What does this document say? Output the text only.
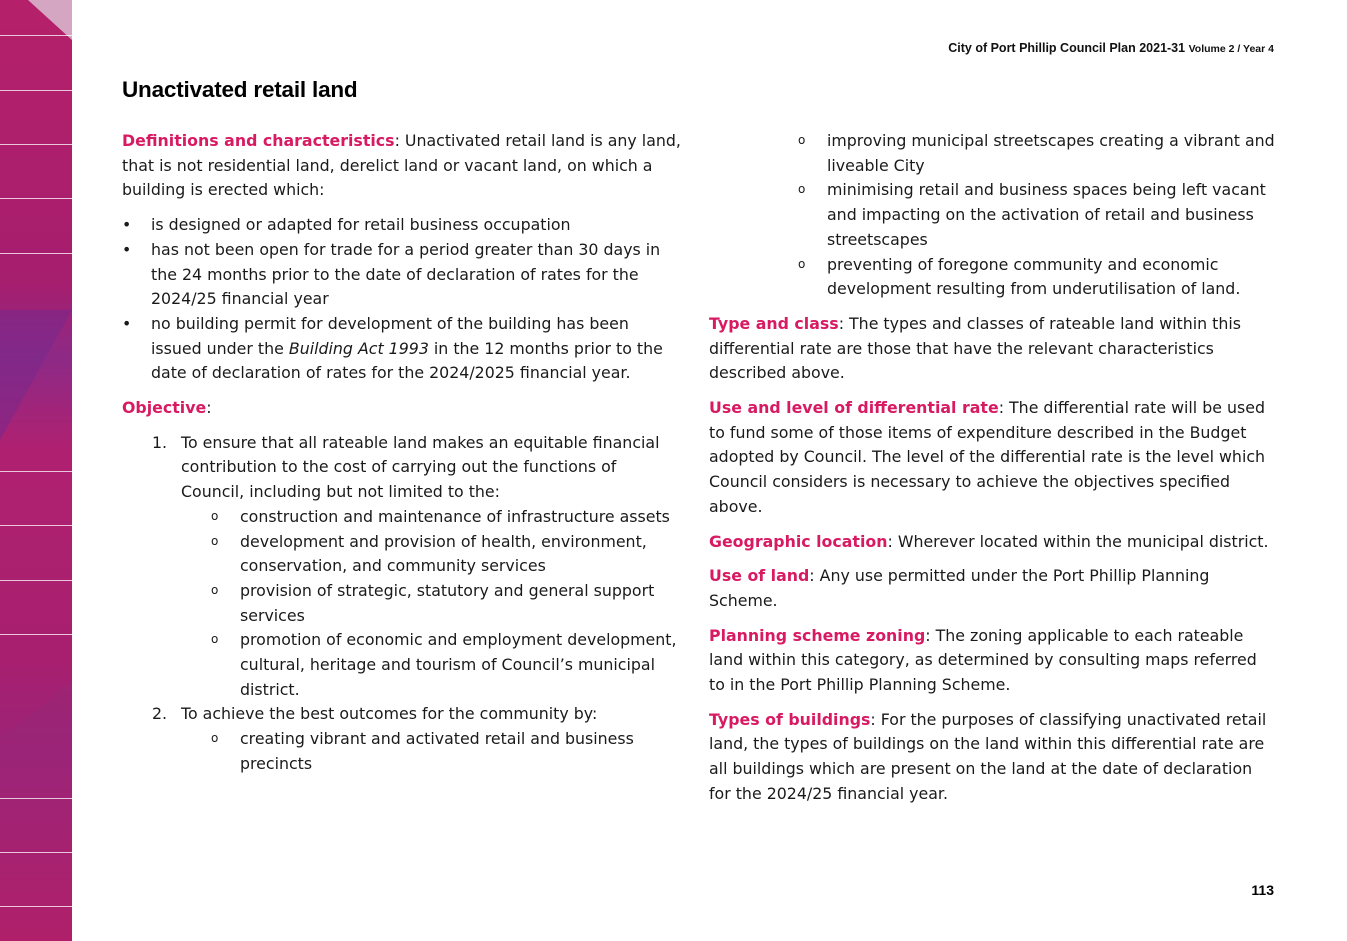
City of Port Phillip Council Plan 2021-31 Volume 2 / Year 4
Unactivated retail land

Definitions and characteristics: Unactivated retail land is any land, that is not residential land, derelict land or vacant land, on which a building is erected which:

• is designed or adapted for retail business occupation
• has not been open for trade for a period greater than 30 days in the 24 months prior to the date of declaration of rates for the 2024/25 financial year
• no building permit for development of the building has been issued under the Building Act 1993 in the 12 months prior to the date of declaration of rates for the 2024/2025 financial year.

Objective:

1. To ensure that all rateable land makes an equitable financial contribution to the cost of carrying out the functions of Council, including but not limited to the:
o construction and maintenance of infrastructure assets
o development and provision of health, environment, conservation, and community services
o provision of strategic, statutory and general support services
o promotion of economic and employment development, cultural, heritage and tourism of Council’s municipal district.
2. To achieve the best outcomes for the community by:
o creating vibrant and activated retail and business precincts
o improving municipal streetscapes creating a vibrant and liveable City
o minimising retail and business spaces being left vacant and impacting on the activation of retail and business streetscapes
o preventing of foregone community and economic development resulting from underutilisation of land.

Type and class: The types and classes of rateable land within this differential rate are those that have the relevant characteristics described above.

Use and level of differential rate: The differential rate will be used to fund some of those items of expenditure described in the Budget adopted by Council. The level of the differential rate is the level which Council considers is necessary to achieve the objectives specified above.

Geographic location: Wherever located within the municipal district.

Use of land: Any use permitted under the Port Phillip Planning Scheme.

Planning scheme zoning: The zoning applicable to each rateable land within this category, as determined by consulting maps referred to in the Port Phillip Planning Scheme.

Types of buildings: For the purposes of classifying unactivated retail land, the types of buildings on the land within this differential rate are all buildings which are present on the land at the date of declaration for the 2024/25 financial year.

113
